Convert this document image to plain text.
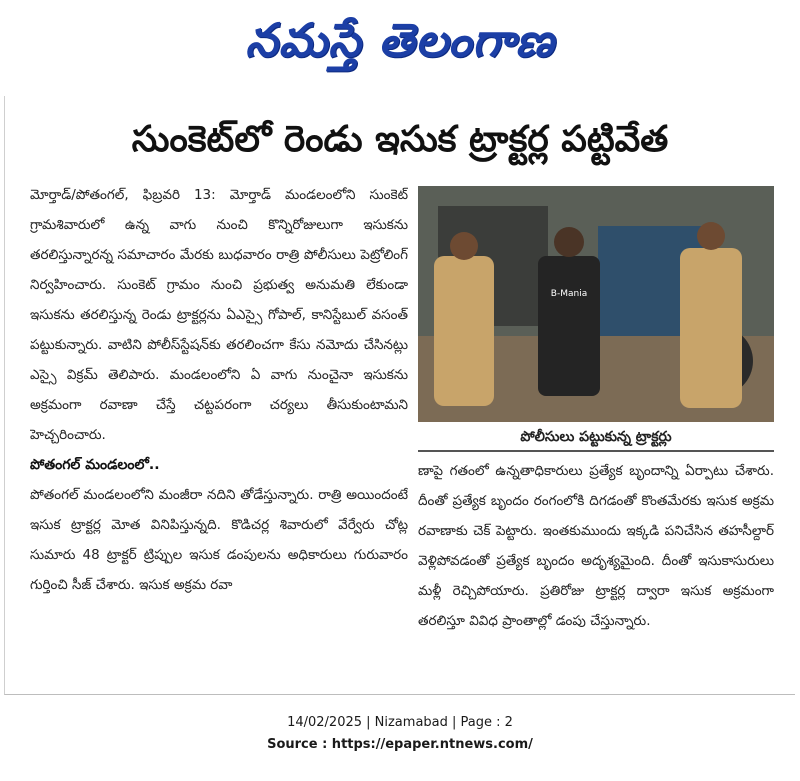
నమస్తే తెలంగాణ
సుంకెట్‌లో రెండు ఇసుక ట్రాక్టర్ల పట్టివేత

మోర్తాడ్‌/పోతంగల్‌, ఫిబ్రవరి 13: మోర్తాడ్‌ మండలంలోని సుంకెట్‌ గ్రామశివారులో ఉన్న వాగు నుంచి కొన్నిరోజులుగా ఇసుకను తరలిస్తున్నారన్న సమాచారం మేరకు బుధవారం రాత్రి పోలీసులు పెట్రోలింగ్‌ నిర్వహించారు. సుంకెట్‌ గ్రామం నుంచి ప్రభుత్వ అనుమతి లేకుండా ఇసుకను తరలిస్తున్న రెండు ట్రాక్టర్లను ఏఎస్సై గోపాల్‌, కానిస్టేబుల్‌ వసంత్‌ పట్టుకున్నారు. వాటిని పోలీస్‌స్టేషన్‌కు తరలించగా కేసు నమోదు చేసినట్లు ఎస్సై విక్రమ్‌ తెలిపారు. మండలంలోని ఏ వాగు నుంచైనా ఇసుకను అక్రమంగా రవాణా చేస్తే చట్టపరంగా చర్యలు తీసుకుంటామని హెచ్చరించారు.

పోతంగల్‌ మండలంలో..

పోతంగల్‌ మండలంలోని మంజీరా నదిని తోడేస్తున్నారు. రాత్రి అయిందంటే ఇసుక ట్రాక్టర్ల మోత వినిపిస్తున్నది. కొడిచర్ల శివారులో వేర్వేరు చోట్ల సుమారు 48 ట్రాక్టర్‌ ట్రిప్పుల ఇసుక డంపులను అధికారులు గురువారం గుర్తించి సీజ్‌ చేశారు. ఇసుక అక్రమ రవా

B-Mania
పోలీసులు పట్టుకున్న ట్రాక్టర్లు

ణాపై గతంలో ఉన్నతాధికారులు ప్రత్యేక బృందాన్ని ఏర్పాటు చేశారు. దీంతో ప్రత్యేక బృందం రంగంలోకి దిగడంతో కొంతమేరకు ఇసుక అక్రమ రవాణాకు చెక్‌ పెట్టారు. ఇంతకుముందు ఇక్కడి పనిచేసిన తహసీల్దార్‌ వెళ్లిపోవడంతో ప్రత్యేక బృందం అదృశ్యమైంది. దీంతో ఇసుకాసురులు మళ్లీ రెచ్చిపోయారు. ప్రతిరోజు ట్రాక్టర్ల ద్వారా ఇసుక అక్రమంగా తరలిస్తూ వివిధ ప్రాంతాల్లో డంపు చేస్తున్నారు.

14/02/2025 | Nizamabad | Page : 2
Source : https://epaper.ntnews.com/
